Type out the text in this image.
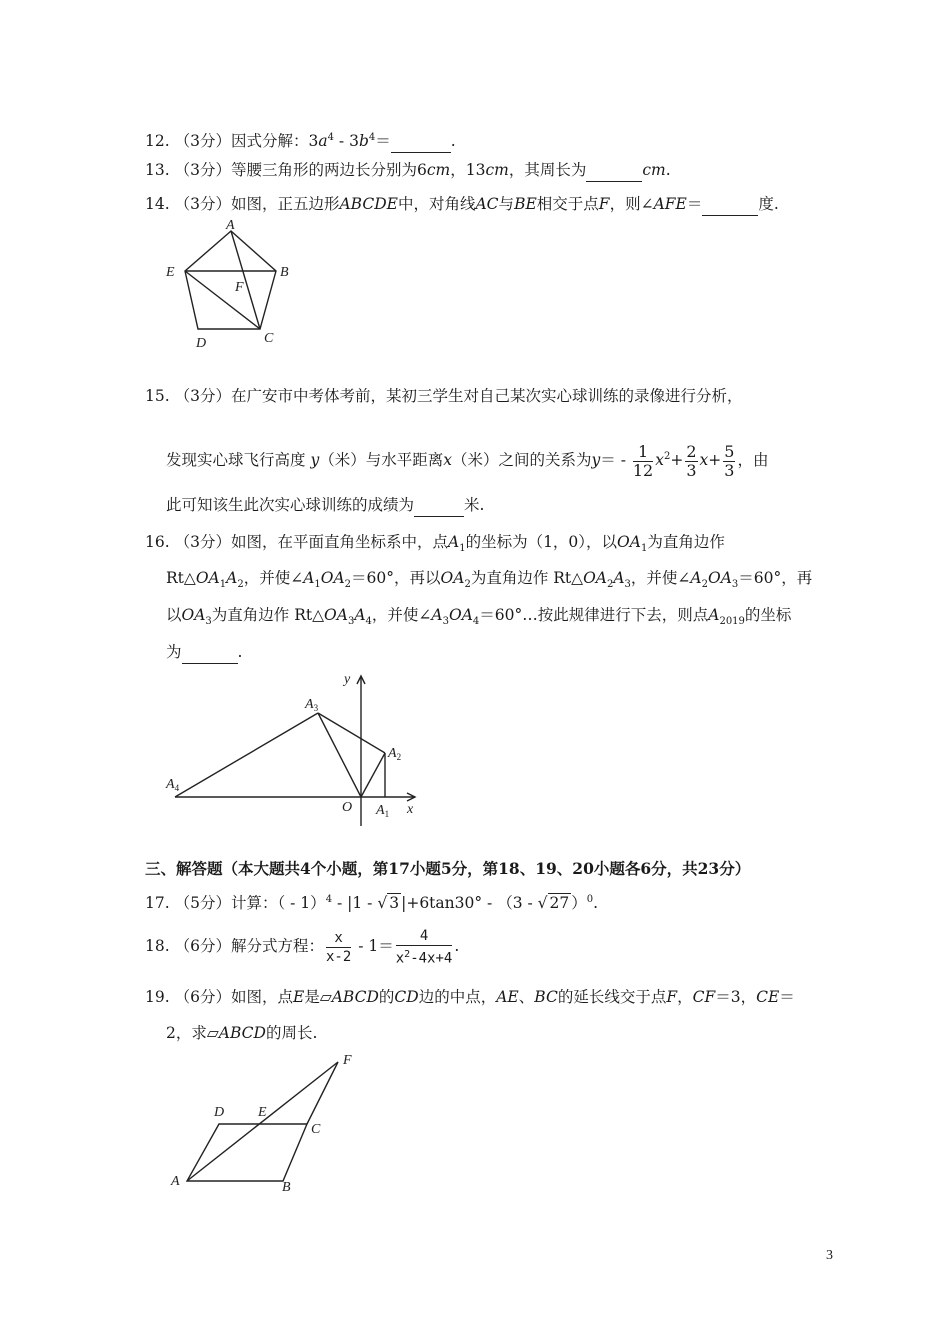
12. （3分）因式分解：$3a^4 - 3b^4=$	.
13. （3分）等腰三角形的两边长分别为6cm，13cm，其周长为	cm.
14. （3分）如图，正五边形ABCDE中，对角线AC与BE相交于点F，则∠AFE＝	度.
A
B
C
D
E
F
15. （3分）在广安市中考体考前，某初三学生对自己某次实心球训练的录像进行分析，
发现实心球飞行高度 y（米）与水平距离x（米）之间的关系为$y= - \frac{1}{12} x^2+ \frac{2}{3} x+ \frac{5}{3}$ ，由
此可知该生此次实心球训练的成绩为	米.
16. （3分）如图，在平面直角坐标系中，点$A_1$的坐标为（1，0），以$OA_1$为直角边作
$Rt\triangle OA_1A_2$，并使$\angle A_1OA_2=60^\circ$，再以$OA_2$为直角边作 $Rt\triangle OA_2A_3$，并使$\angle A_2OA_3=60^\circ$，再
以$OA_3$为直角边作 $Rt\triangle OA_3A_4$，并使$\angle A_3OA_4=60^\circ\dots$按此规律进行下去，则点$A_{2019}$的坐标
为	.
y
x
O $A_1$
$A_2$
$A_3$
$A_4$
三、解答题（本大题共4个小题，第17小题5分，第18、19、20小题各6分，共23分）
17. （5分）计算：（ - 1）$^4$ - |1 - √ 3 |+6tan30° - （3 - √ 27 ）$^0$.
18. （6分）解分式方程： $\frac{x}{x-2} - 1= \frac{4}{x^2-4x+4}$ .
19. （6分）如图，点E是▱ABCD的CD边的中点，AE、BC的延长线交于点F，CF＝3，CE＝
2，求▱ABCD的周长.
A	B
C
D E
F
3
